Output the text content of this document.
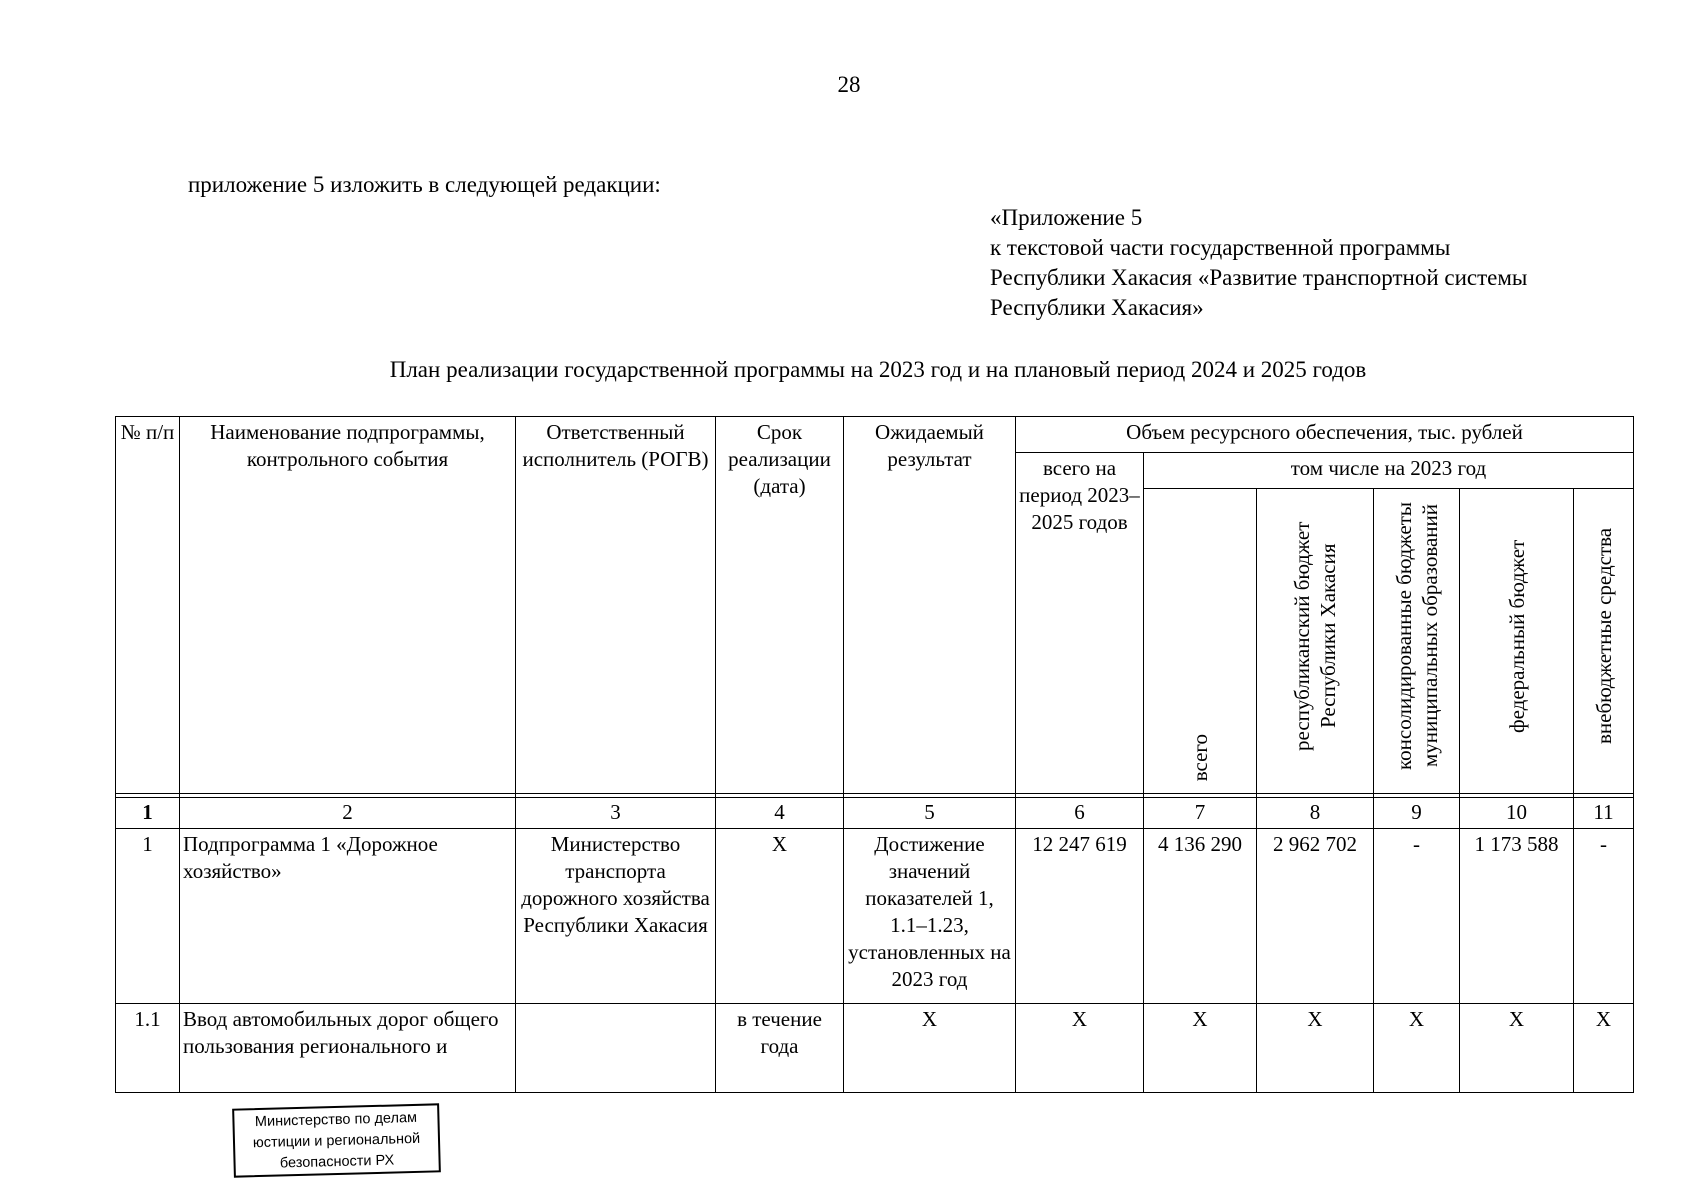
28
приложение 5 изложить в следующей редакции:
«Приложение 5
к текстовой части государственной программы
Республики Хакасия «Развитие транспортной системы
Республики Хакасия»
План реализации государственной программы на 2023 год и на плановый период 2024 и 2025 годов
№ п/п	Наименование подпрограммы, контрольного события	Ответственный исполнитель (РОГВ)	Срок реализации (дата)	Ожидаемый результат	Объем ресурсного обеспечения, тыс. рублей					
					всего на период 2023–2025 годов	том числе на 2023 год				

						всего	республиканский бюджет Республики Хакасия	консолидированные бюджеты муниципальных образований	федеральный бюджет	внебюджетные средства

1	2	3	4	5	6	7	8	9	10	11
1	Подпрограмма 1 «Дорожное хозяйство»	Министерство транспорта дорожного хозяйства Республики Хакасия	Х	Достижение значений показателей 1, 1.1–1.23, установленных на 2023 год	12 247 619	4 136 290	2 962 702	-	1 173 588	-
1.1	Ввод автомобильных дорог общего пользования регионального и		в течение года	Х	Х	Х	Х	Х	Х	Х
Министерство по делам
юстиции и региональной
безопасности РХ
